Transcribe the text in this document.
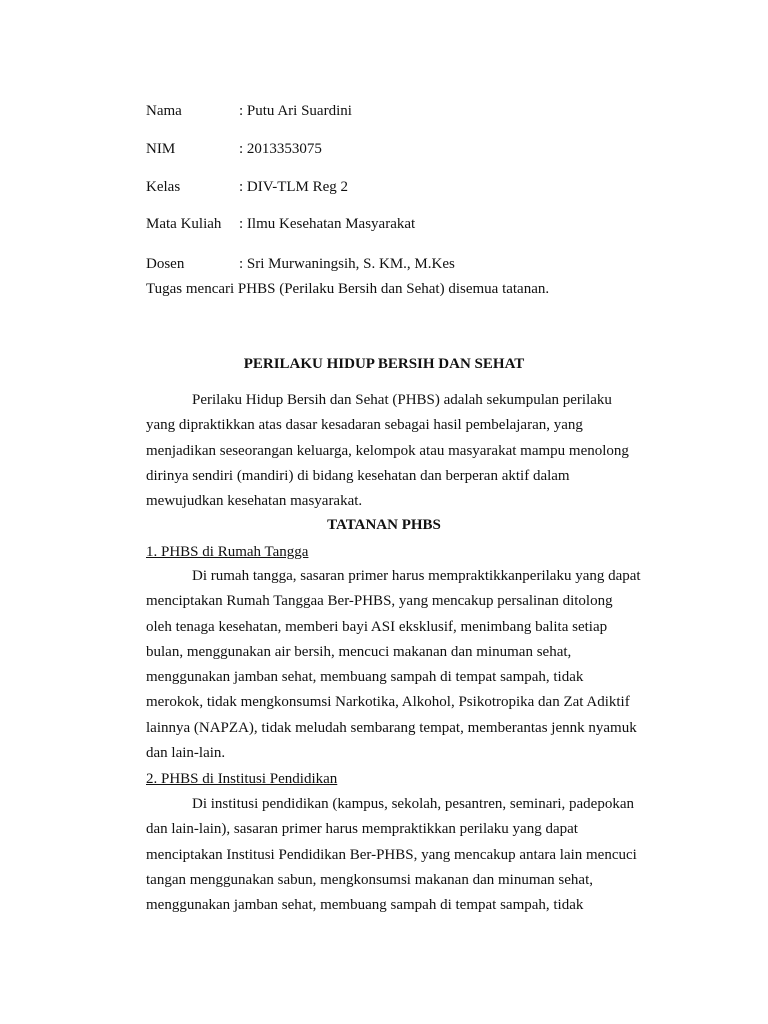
Nama	: Putu Ari Suardini
NIM	: 2013353075
Kelas	: DIV-TLM Reg 2
Mata Kuliah : Ilmu Kesehatan Masyarakat
Dosen	: Sri Murwaningsih, S. KM., M.Kes
Tugas mencari PHBS (Perilaku Bersih dan Sehat) disemua tatanan.
PERILAKU HIDUP BERSIH DAN SEHAT
Perilaku Hidup Bersih dan Sehat (PHBS) adalah sekumpulan perilaku
yang dipraktikkan atas dasar kesadaran sebagai hasil pembelajaran, yang
menjadikan seseorangan keluarga, kelompok atau masyarakat mampu menolong
dirinya sendiri (mandiri) di bidang kesehatan dan berperan aktif dalam
mewujudkan kesehatan masyarakat.
TATANAN PHBS
1. PHBS di Rumah Tangga
Di rumah tangga, sasaran primer harus mempraktikkanperilaku yang dapat
menciptakan Rumah Tanggaa Ber-PHBS, yang mencakup persalinan ditolong
oleh tenaga kesehatan, memberi bayi ASI eksklusif, menimbang balita setiap
bulan, menggunakan air bersih, mencuci makanan dan minuman sehat,
menggunakan jamban sehat, membuang sampah di tempat sampah, tidak
merokok, tidak mengkonsumsi Narkotika, Alkohol, Psikotropika dan Zat Adiktif
lainnya (NAPZA), tidak meludah sembarang tempat, memberantas jennk nyamuk
dan lain-lain.
2. PHBS di Institusi Pendidikan
Di institusi pendidikan (kampus, sekolah, pesantren, seminari, padepokan
dan lain-lain), sasaran primer harus mempraktikkan perilaku yang dapat
menciptakan Institusi Pendidikan Ber-PHBS, yang mencakup antara lain mencuci
tangan menggunakan sabun, mengkonsumsi makanan dan minuman sehat,
menggunakan jamban sehat, membuang sampah di tempat sampah, tidak
